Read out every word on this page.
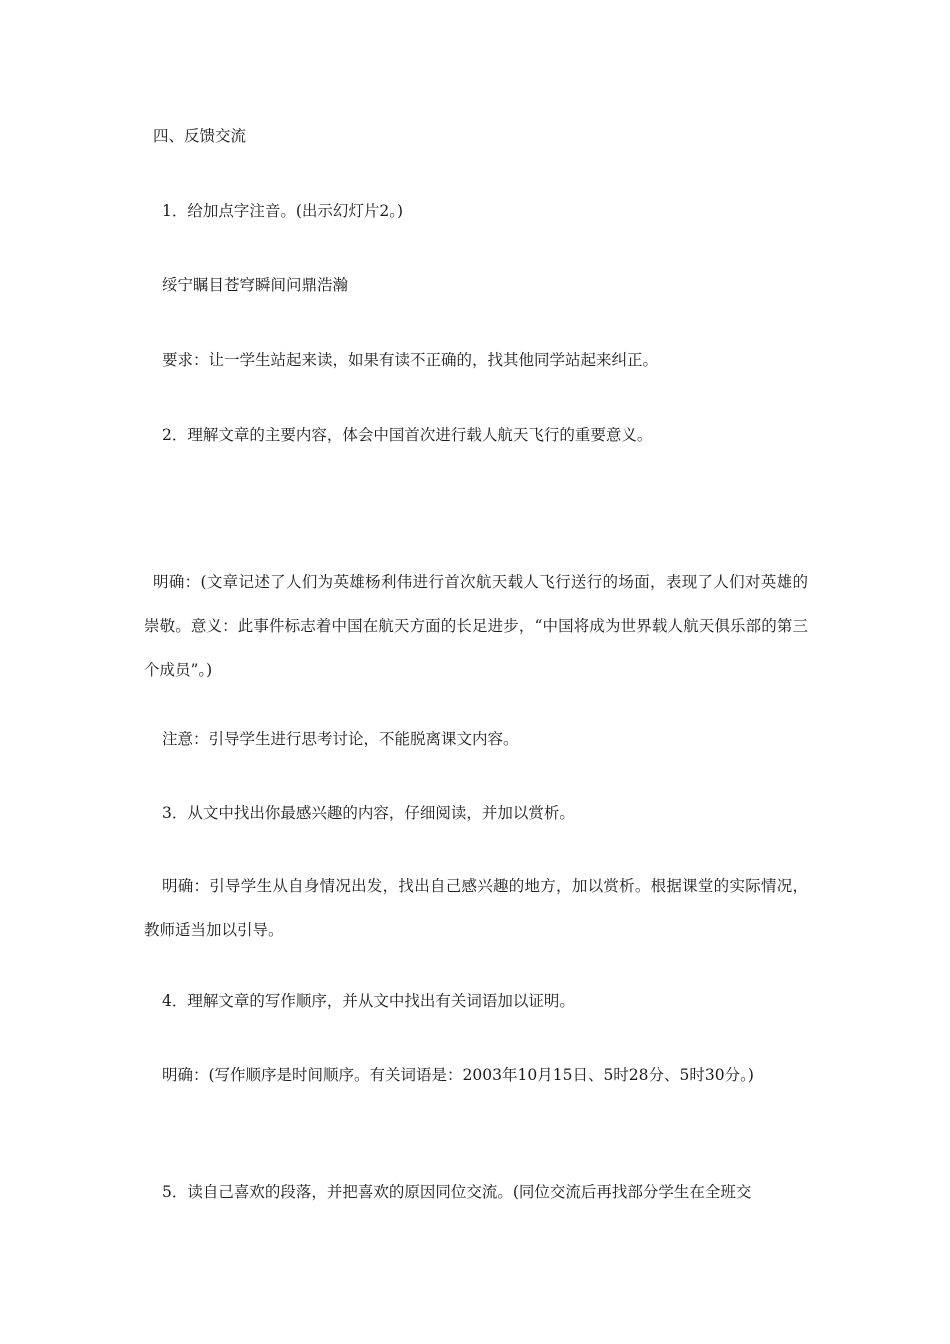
四、反馈交流
1．给加点字注音。(出示幻灯片2。)
绥宁瞩目苍穹瞬间问鼎浩瀚
要求：让一学生站起来读，如果有读不正确的，找其他同学站起来纠正。
2．理解文章的主要内容，体会中国首次进行载人航天飞行的重要意义。
明确：(文章记述了人们为英雄杨利伟进行首次航天载人飞行送行的场面，表现了人们对英雄的崇敬。意义：此事件标志着中国在航天方面的长足进步，“中国将成为世界载人航天俱乐部的第三个成员”。)
注意：引导学生进行思考讨论，不能脱离课文内容。
3．从文中找出你最感兴趣的内容，仔细阅读，并加以赏析。
明确：引导学生从自身情况出发，找出自己感兴趣的地方，加以赏析。根据课堂的实际情况，教师适当加以引导。
4．理解文章的写作顺序，并从文中找出有关词语加以证明。
明确：(写作顺序是时间顺序。有关词语是：2003年10月15日、5时28分、5时30分。)
5．读自己喜欢的段落，并把喜欢的原因同位交流。(同位交流后再找部分学生在全班交
